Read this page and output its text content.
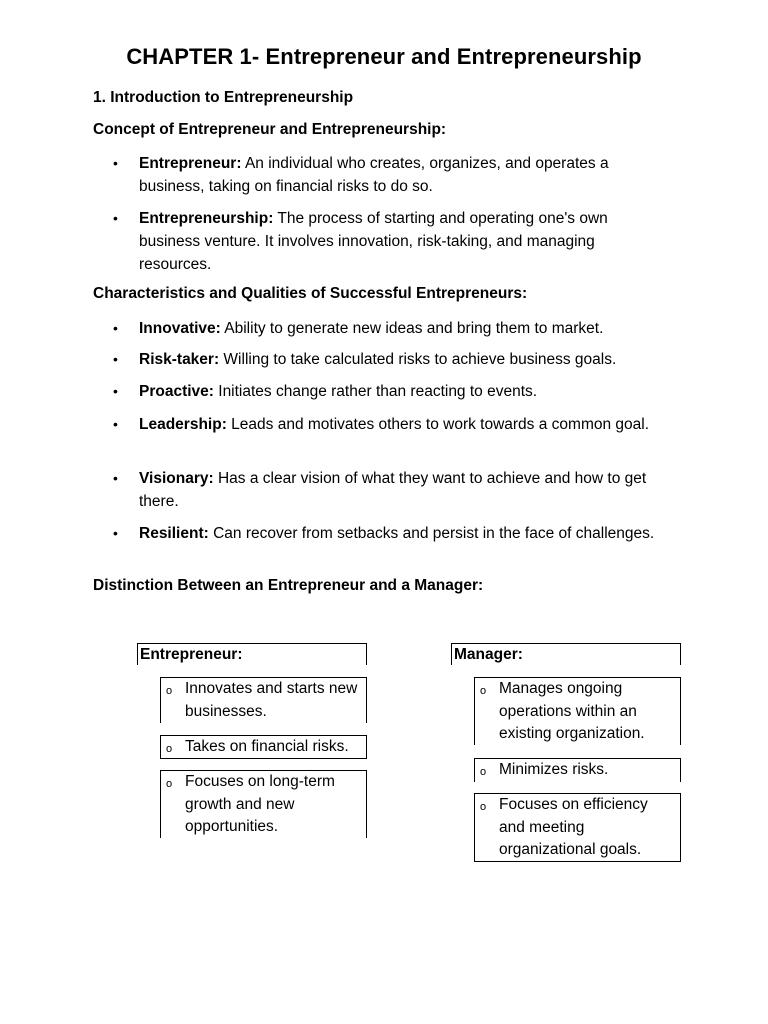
CHAPTER 1- Entrepreneur and Entrepreneurship
1. Introduction to Entrepreneurship
Concept of Entrepreneur and Entrepreneurship:
• Entrepreneur: An individual who creates, organizes, and operates a business, taking on financial risks to do so.
• Entrepreneurship: The process of starting and operating one's own business venture. It involves innovation, risk-taking, and managing resources.
Characteristics and Qualities of Successful Entrepreneurs:
• Innovative: Ability to generate new ideas and bring them to market.
• Risk-taker: Willing to take calculated risks to achieve business goals.
• Proactive: Initiates change rather than reacting to events.
• Leadership: Leads and motivates others to work towards a common goal.
• Visionary: Has a clear vision of what they want to achieve and how to get there.
• Resilient: Can recover from setbacks and persist in the face of challenges.
Distinction Between an Entrepreneur and a Manager:
Entrepreneur:
o Innovates and starts new businesses.
o Takes on financial risks.
o Focuses on long-term growth and new opportunities.
Manager:
o Manages ongoing operations within an existing organization.
o Minimizes risks.
o Focuses on efficiency and meeting organizational goals.
